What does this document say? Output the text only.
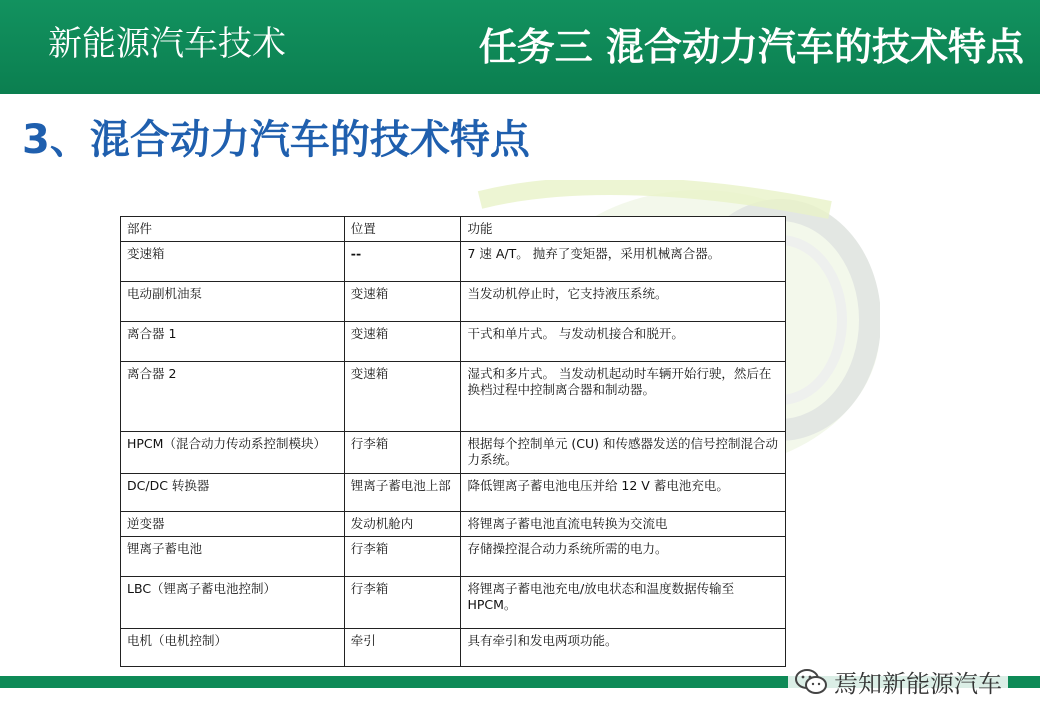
新能源汽车技术	任务三 混合动力汽车的技术特点
3、混合动力汽车的技术特点
部件	位置	功能
变速箱	--	7 速 A/T。 抛弃了变矩器，采用机械离合器。
电动副机油泵	变速箱	当发动机停止时，它支持液压系统。
离合器 1	变速箱	干式和单片式。 与发动机接合和脱开。
离合器 2	变速箱	湿式和多片式。 当发动机起动时车辆开始行驶，然后在换档过程中控制离合器和制动器。
HPCM（混合动力传动系控制模块）	行李箱	根据每个控制单元 (CU) 和传感器发送的信号控制混合动力系统。
DC/DC 转换器	锂离子蓄电池上部	降低锂离子蓄电池电压并给 12 V 蓄电池充电。
逆变器	发动机舱内	将锂离子蓄电池直流电转换为交流电
锂离子蓄电池	行李箱	存储操控混合动力系统所需的电力。
LBC（锂离子蓄电池控制）	行李箱	将锂离子蓄电池充电/放电状态和温度数据传输至 HPCM。
电机（电机控制）	牵引	具有牵引和发电两项功能。
焉知新能源汽车
